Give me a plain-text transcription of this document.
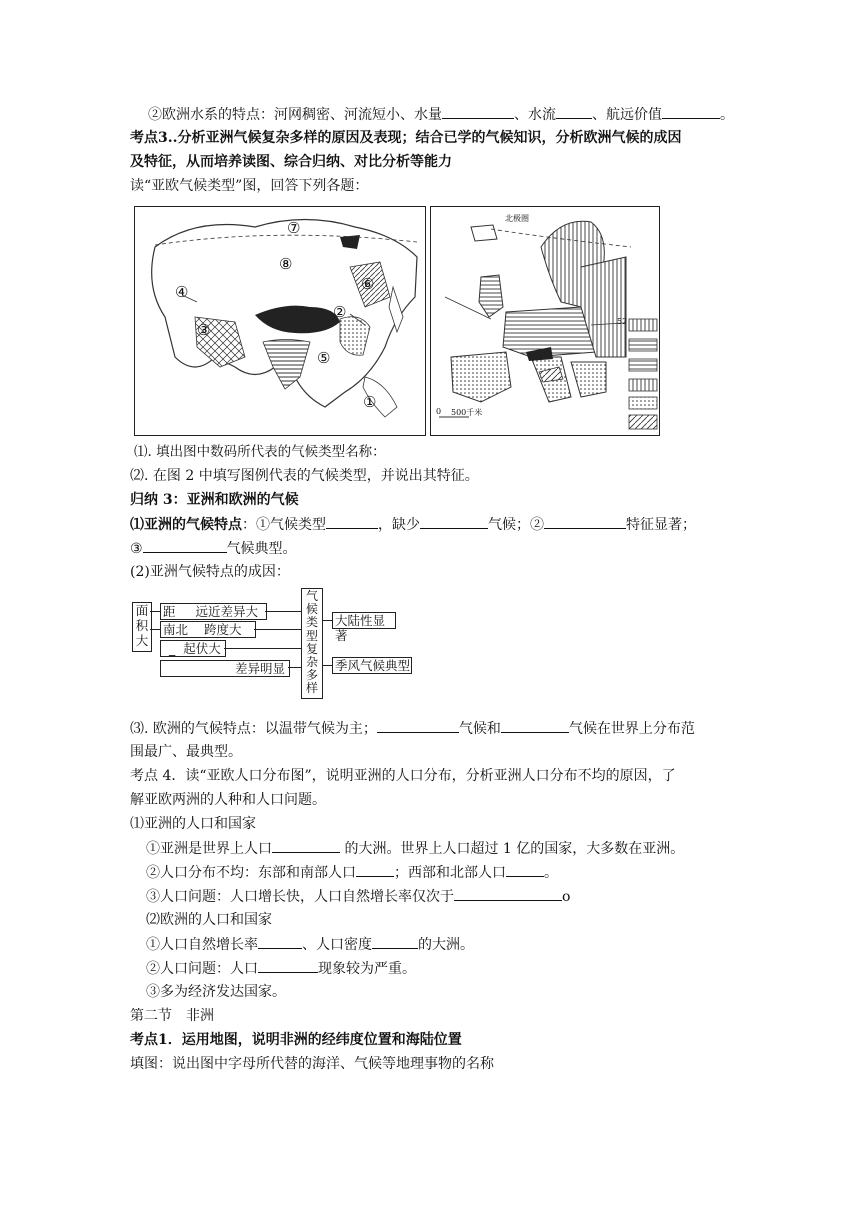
②欧洲水系的特点：河网稠密、河流短小、水量	、水流	、航远价值	。
考点3..分析亚洲气候复杂多样的原因及表现；结合已学的气候知识，分析欧洲气候的成因
及特征，从而培养读图、综合归纳、对比分析等能力
读“亚欧气候类型”图，回答下列各题：
⑦
⑧
⑥
④
②
③
⑤
①
北极圈
52
0 500千米
⑴. 填出图中数码所代表的气候类型名称：
⑵. 在图 2 中填写图例代表的气候类型，并说出其特征。
归纳 3：亚洲和欧洲的气候
⑴亚洲的气候特点：①气候类型	，缺少	气候；②	特征显著；
③	气候典型。
(2)亚洲气候特点的成因：
面
积
大
距 远近差异大
南北 跨度大
_ 起伏大
差异明显
气
候
类
型
复
杂
多
样
大陆性显著
季风气候典型
⑶. 欧洲的气候特点：以温带气候为主；	气候和	气候在世界上分布范
围最广、最典型。
考点 4．读“亚欧人口分布图”，说明亚洲的人口分布，分析亚洲人口分布不均的原因，了
解亚欧两洲的人种和人口问题。
⑴亚洲的人口和国家
①亚洲是世界上人口	的大洲。世界上人口超过 1 亿的国家，大多数在亚洲。
②人口分布不均：东部和南部人口	；西部和北部人口	。
③人口问题：人口增长快，人口自然增长率仅次于	o
⑵欧洲的人口和国家
①人口自然增长率	、人口密度	的大洲。
②人口问题：人口	现象较为严重。
③多为经济发达国家。
第二节　非洲
考点1．运用地图，说明非洲的经纬度位置和海陆位置
填图：说出图中字母所代替的海洋、气候等地理事物的名称
